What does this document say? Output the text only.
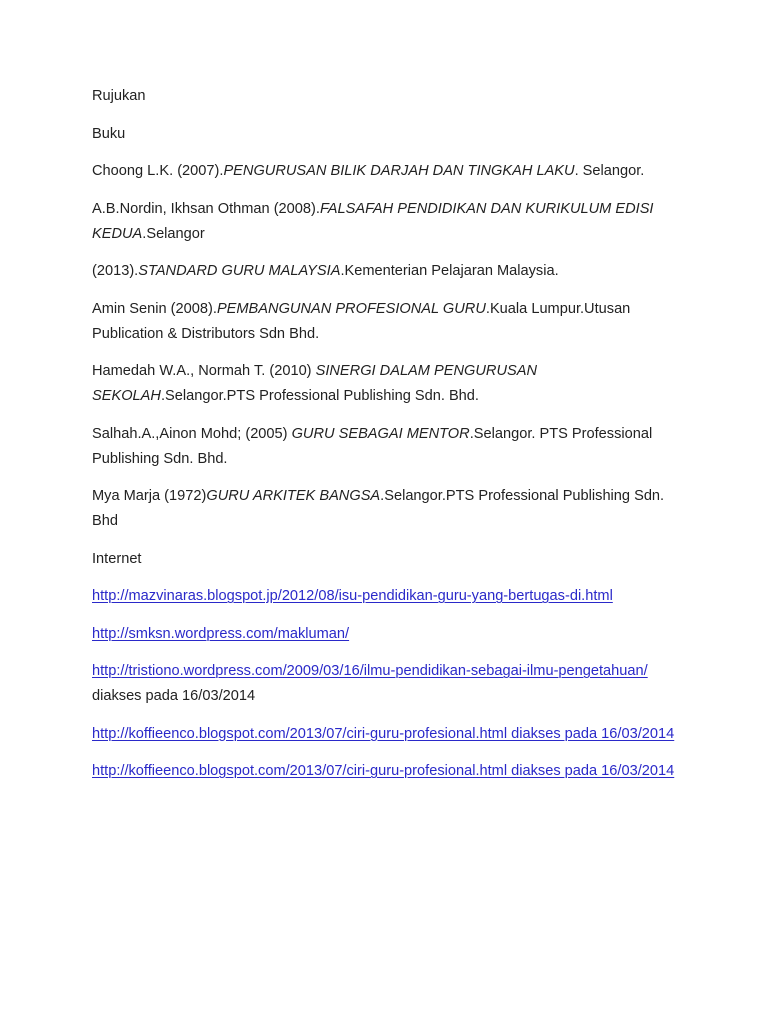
Rujukan

Buku

Choong L.K. (2007).PENGURUSAN BILIK DARJAH DAN TINGKAH LAKU. Selangor.

A.B.Nordin, Ikhsan Othman (2008).FALSAFAH PENDIDIKAN DAN KURIKULUM EDISI KEDUA.Selangor

(2013).STANDARD GURU MALAYSIA.Kementerian Pelajaran Malaysia.

Amin Senin (2008).PEMBANGUNAN PROFESIONAL GURU.Kuala Lumpur.Utusan Publication & Distributors Sdn Bhd.

Hamedah W.A., Normah T. (2010) SINERGI DALAM PENGURUSAN SEKOLAH.Selangor.PTS Professional Publishing Sdn. Bhd.

Salhah.A.,Ainon Mohd; (2005) GURU SEBAGAI MENTOR.Selangor. PTS Professional Publishing Sdn. Bhd.

Mya Marja (1972)GURU ARKITEK BANGSA.Selangor.PTS Professional Publishing Sdn. Bhd

Internet

http://mazvinaras.blogspot.jp/2012/08/isu-pendidikan-guru-yang-bertugas-di.html

http://smksn.wordpress.com/makluman/

http://tristiono.wordpress.com/2009/03/16/ilmu-pendidikan-sebagai-ilmu-pengetahuan/ diakses pada 16/03/2014

http://koffieenco.blogspot.com/2013/07/ciri-guru-profesional.html diakses pada 16/03/2014

http://koffieenco.blogspot.com/2013/07/ciri-guru-profesional.html diakses pada 16/03/2014
